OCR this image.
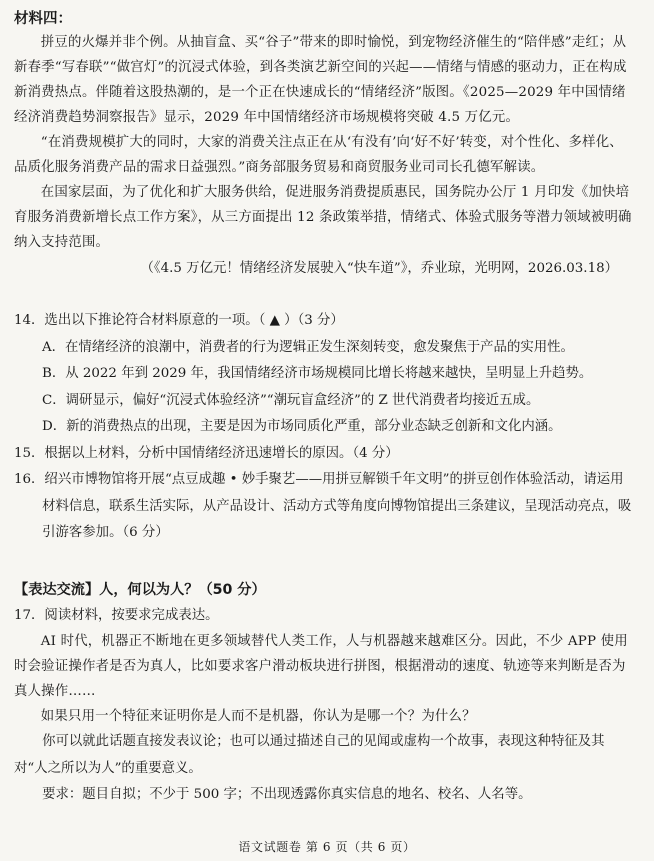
材料四：

拼豆的火爆并非个例。从抽盲盒、买“谷子”带来的即时愉悦，到宠物经济催生的“陪伴感”走红；从新春季“写春联”“做宫灯”的沉浸式体验，到各类演艺新空间的兴起——情绪与情感的驱动力，正在构成新消费热点。伴随着这股热潮的，是一个正在快速成长的“情绪经济”版图。《2025—2029 年中国情绪经济消费趋势洞察报告》显示，2029 年中国情绪经济市场规模将突破 4.5 万亿元。

“在消费规模扩大的同时，大家的消费关注点正在从‘有没有’向‘好不好’转变，对个性化、多样化、品质化服务消费产品的需求日益强烈。”商务部服务贸易和商贸服务业司司长孔德军解读。

在国家层面，为了优化和扩大服务供给，促进服务消费提质惠民，国务院办公厅 1 月印发《加快培育服务消费新增长点工作方案》，从三方面提出 12 条政策举措，情绪式、体验式服务等潜力领域被明确纳入支持范围。

（《4.5 万亿元！情绪经济发展驶入“快车道”》，乔业琼，光明网，2026.03.18）

14．选出以下推论符合材料原意的一项。（ ▲ ）（3 分）

A．在情绪经济的浪潮中，消费者的行为逻辑正发生深刻转变，愈发聚焦于产品的实用性。

B．从 2022 年到 2029 年，我国情绪经济市场规模同比增长将越来越快，呈明显上升趋势。

C．调研显示，偏好“沉浸式体验经济”“潮玩盲盒经济”的 Z 世代消费者均接近五成。

D．新的消费热点的出现，主要是因为市场同质化严重，部分业态缺乏创新和文化内涵。

15．根据以上材料，分析中国情绪经济迅速增长的原因。（4 分）

16．绍兴市博物馆将开展“点豆成趣 • 妙手聚艺——用拼豆解锁千年文明”的拼豆创作体验活动，请运用材料信息，联系生活实际，从产品设计、活动方式等角度向博物馆提出三条建议，呈现活动亮点，吸引游客参加。（6 分）

【表达交流】人，何以为人？（50 分）

17．阅读材料，按要求完成表达。

AI 时代，机器正不断地在更多领域替代人类工作，人与机器越来越难区分。因此，不少 APP 使用时会验证操作者是否为真人，比如要求客户滑动板块进行拼图，根据滑动的速度、轨迹等来判断是否为真人操作……

如果只用一个特征来证明你是人而不是机器，你认为是哪一个？为什么？

你可以就此话题直接发表议论；也可以通过描述自己的见闻或虚构一个故事，表现这种特征及其对“人之所以为人”的重要意义。

要求：题目自拟；不少于 500 字；不出现透露你真实信息的地名、校名、人名等。

语文试题卷 第 6 页（共 6 页）
